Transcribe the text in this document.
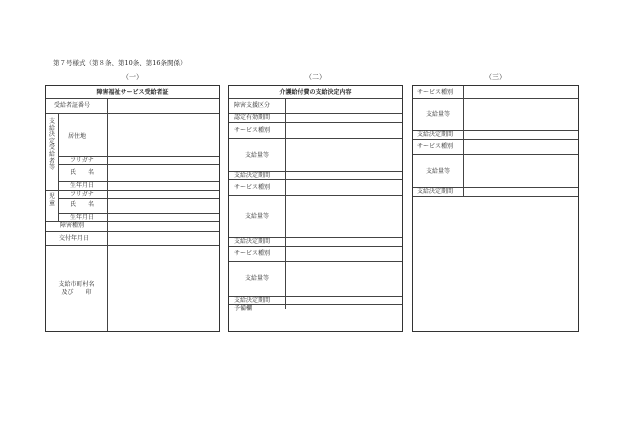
第７号様式（第８条、第10条、第16条関係）
（一）	（二）	（三）
障害福祉サービス受給者証
受給者証番号
支給決定受給者等
居住地
フリガナ
氏　　名
生年月日
児童
フリガナ
氏　　名
生年月日
障害種別
交付年月日
支給市町村名
及び　　印
介護給付費の支給決定内容
障害支援区分
認定有効期間
サービス種別
支給量等
支給決定期間
サービス種別
支給量等
支給決定期間
サービス種別
支給量等
支給決定期間
予備欄
サービス種別
支給量等
支給決定期間
サービス種別
支給量等
支給決定期間
